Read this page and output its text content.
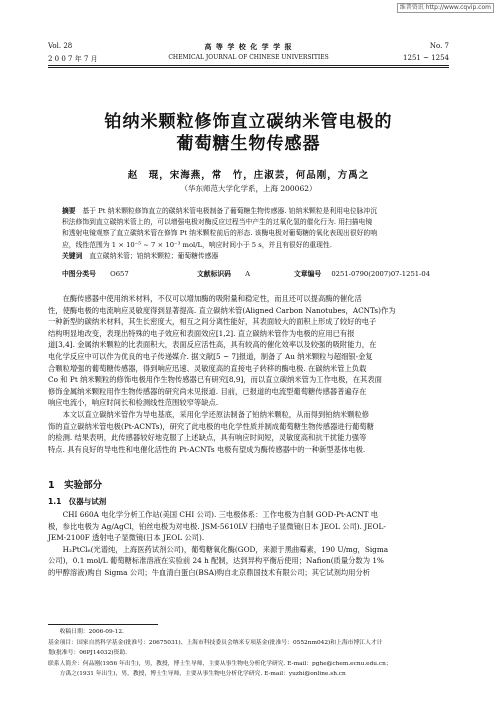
维普资讯 http://www.cqvip.com
Vol. 28	高 等 学 校 化 学 学 报	No. 7
2 0 0 7 年 7 月	CHEMICAL JOURNAL OF CHINESE UNIVERSITIES	1251 ~ 1254
铂纳米颗粒修饰直立碳纳米管电极的
葡萄糖生物传感器
赵　琨，宋海燕，常　竹，庄淑芸，何品刚，方禹之
（华东师范大学化学系，上海 200062）
摘要　 基于 Pt 纳米颗粒修饰直立的碳纳米管电极制备了葡萄糖生物传感器. 铂纳米颗粒是利用电位脉冲沉
积法修饰到直立碳纳米管上的，可以增强电极对酶反应过程当中产生的过氧化氢的催化行为. 用扫描电镜
和透射电镜观察了直立碳纳米管在修饰 Pt 纳米颗粒前后的形态. 该酶电极对葡萄糖的氧化表现出很好的响
应，线性范围为 1 × 10⁻⁵ ~ 7 × 10⁻³ mol/L，响应时间小于 5 s，并且有很好的重现性.
关键词　 直立碳纳米管；铂纳米颗粒；葡萄糖传感器
中图分类号 O657	文献标识码 A	文章编号 0251-0790(2007)07-1251-04
在酶传感器中使用纳米材料，不仅可以增加酶的吸附量和稳定性，而且还可以提高酶的催化活
性，使酶电极的电流响应灵敏度得到显著提高. 直立碳纳米管(Aligned Carbon Nanotubes，ACNTs)作为
一种新型的碳纳米材料，其生长密度大，相互之间分离性能好，其表面较大的面积上形成了较好的电子
结构明显地改变，表现出特殊的电子效应和表面效应[1,2]. 直立碳纳米管作为电极的应用已有报
道[3,4]. 金属纳米颗粒的比表面积大，表面反应活性高，具有较高的催化效率以及较强的吸附能力，在
电化学反应中可以作为优良的电子传递媒介. 据文献[5 ~ 7]报道，制备了 Au 纳米颗粒与超细银-金复
合颗粒增强的葡萄糖传感器，得到响应迅速、灵敏度高的直接电子转移的酶电极. 在碳纳米管上负载
Co 和 Pt 纳米颗粒的修饰电极用作生物传感器已有研究[8,9]，而以直立碳纳米管为工作电极，在其表面
修饰金属纳米颗粒用作生物传感器的研究尚未见报道. 目前，已报道的电流型葡萄糖传感器普遍存在
响应电流小，响应时间长和检测线性范围较窄等缺点.
本文以直立碳纳米管作为导电基底，采用化学还原法制备了铂纳米颗粒，从而得到铂纳米颗粒修
饰的直立碳纳米管电极(Pt-ACNTs)，研究了此电极的电化学性质并制成葡萄糖生物传感器进行葡萄糖
的检测. 结果表明，此传感器较好地克服了上述缺点，具有响应时间短，灵敏度高和抗干扰能力强等
特点. 具有良好的导电性和电催化活性的 Pt-ACNTs 电极有望成为酶传感器中的一种新型基体电极.
1　实验部分
1.1　仪器与试剂
CHI 660A 电化学分析工作站(美国 CHI 公司). 三电极体系：工作电极为自制 GOD-Pt-ACNT 电
极，参比电极为 Ag/AgCl，铂丝电极为对电极. JSM-5610LV 扫描电子显微镜(日本 JEOL 公司). JEOL-
JEM-2100F 透射电子显微镜(日本 JEOL 公司).
H₂PtCl₆(光谱纯，上海医药试剂公司)，葡萄糖氧化酶(GOD，来源于黑曲霉素，190 U/mg，Sigma
公司)，0.1 mol/L 葡萄糖标准溶液在实验前 24 h 配制，达到异构平衡后使用；Nafion(质量分数为 1%
的甲醇溶液)购自 Sigma 公司；牛血清白蛋白(BSA)购自北京鼎国技术有限公司；其它试剂均用分析
收稿日期：2006-09-12.
基金项目：国家自然科学基金(批准号：20675031)、上海市科技委员会纳米专项基金(批准号：0552nm042)和上海市博江人才计
划(批准号：06PJ14032)资助.
联系人简介：何品刚(1956 年出生)，男，教授，博士生导师，主要从事生物电分析化学研究. E-mail：pghe@chem.ecnu.edu.cn；
方禹之(1931 年出生)，男，教授，博士生导师，主要从事生物电分析化学研究. E-mail：yuzhi@online.sh.cn
